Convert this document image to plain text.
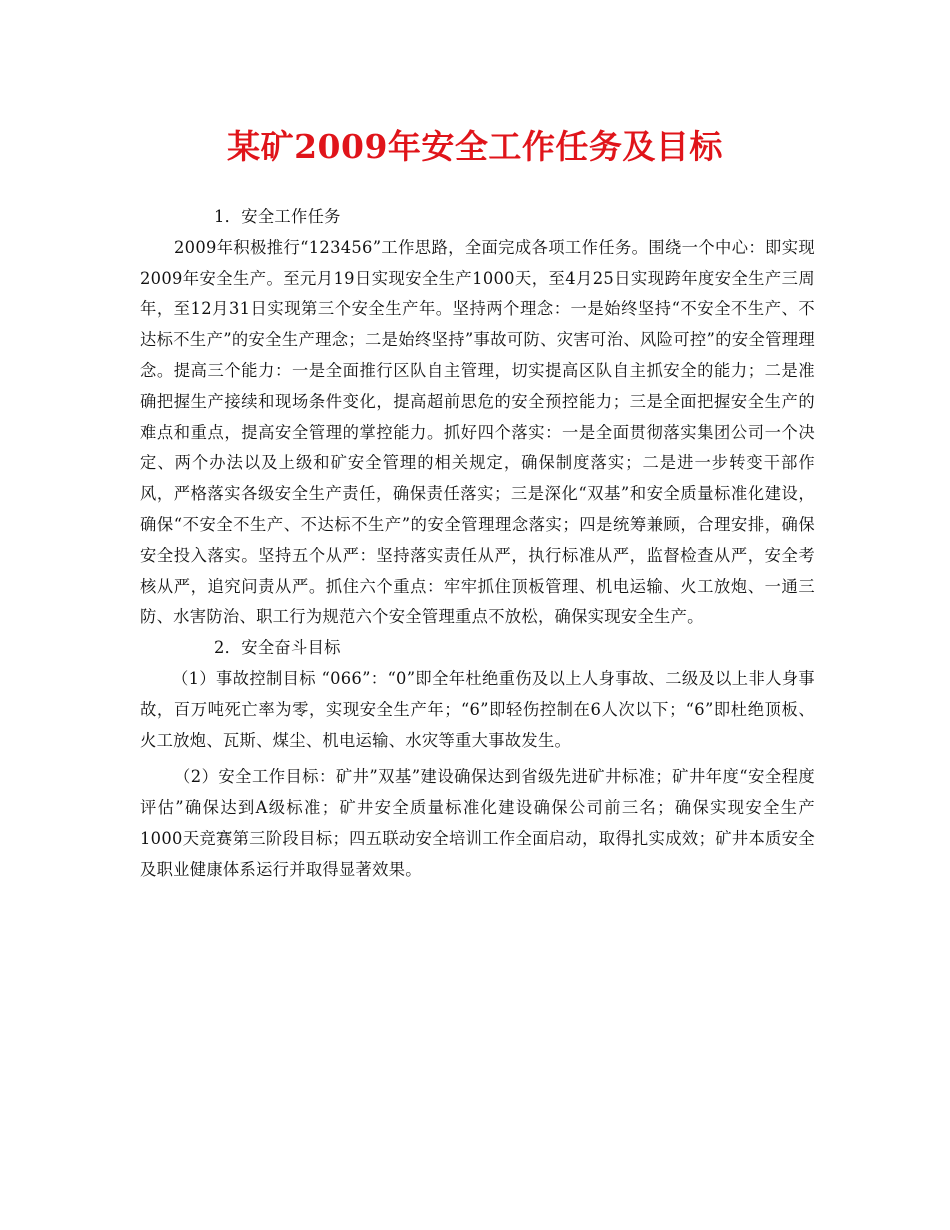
某矿2009年安全工作任务及目标

1．安全工作任务

2009年积极推行“123456”工作思路，全面完成各项工作任务。围绕一个中心：即实现2009年安全生产。至元月19日实现安全生产1000天，至4月25日实现跨年度安全生产三周年，至12月31日实现第三个安全生产年。坚持两个理念：一是始终坚持“不安全不生产、不达标不生产”的安全生产理念；二是始终坚持”事故可防、灾害可治、风险可控”的安全管理理念。提高三个能力：一是全面推行区队自主管理，切实提高区队自主抓安全的能力；二是准确把握生产接续和现场条件变化，提高超前思危的安全预控能力；三是全面把握安全生产的难点和重点，提高安全管理的掌控能力。抓好四个落实：一是全面贯彻落实集团公司一个决定、两个办法以及上级和矿安全管理的相关规定，确保制度落实；二是进一步转变干部作风，严格落实各级安全生产责任，确保责任落实；三是深化“双基”和安全质量标准化建设，确保“不安全不生产、不达标不生产”的安全管理理念落实；四是统筹兼顾，合理安排，确保安全投入落实。坚持五个从严：坚持落实责任从严，执行标准从严，监督检查从严，安全考核从严，追究问责从严。抓住六个重点：牢牢抓住顶板管理、机电运输、火工放炮、一通三防、水害防治、职工行为规范六个安全管理重点不放松，确保实现安全生产。

2．安全奋斗目标

（1）事故控制目标 “066”：“0”即全年杜绝重伤及以上人身事故、二级及以上非人身事故，百万吨死亡率为零，实现安全生产年；“6”即轻伤控制在6人次以下；“6”即杜绝顶板、火工放炮、瓦斯、煤尘、机电运输、水灾等重大事故发生。

（2）安全工作目标：矿井”双基”建设确保达到省级先进矿井标准；矿井年度“安全程度评估”确保达到A级标准；矿井安全质量标准化建设确保公司前三名；确保实现安全生产1000天竞赛第三阶段目标；四五联动安全培训工作全面启动，取得扎实成效；矿井本质安全及职业健康体系运行并取得显著效果。
